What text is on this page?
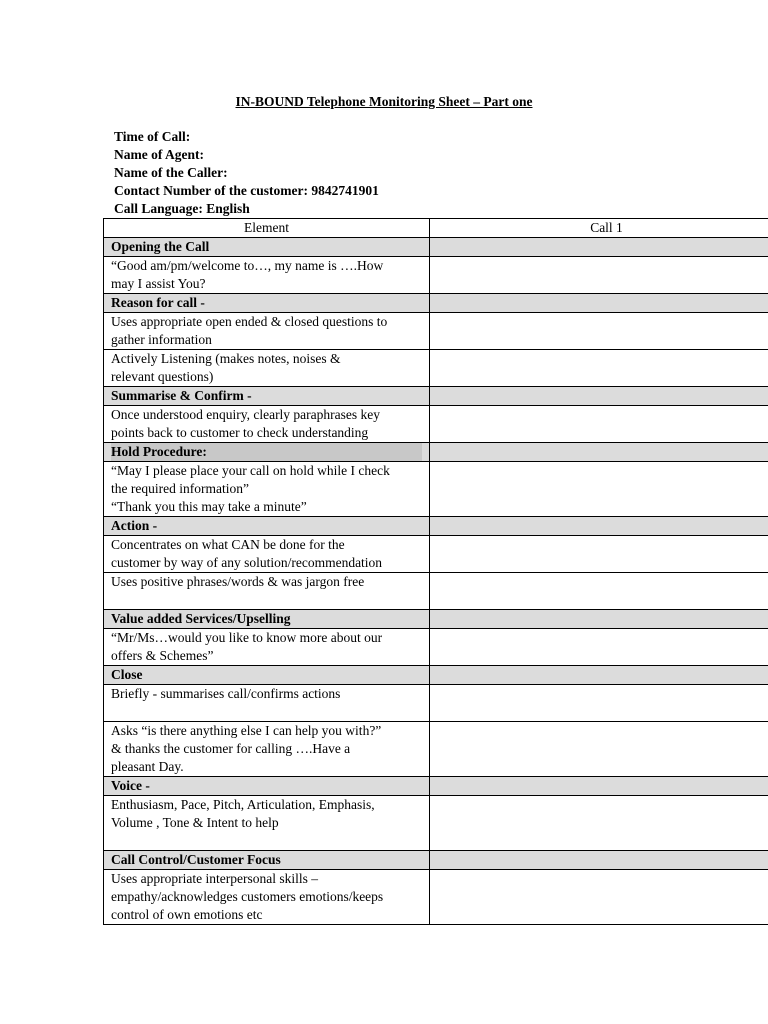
IN-BOUND Telephone Monitoring Sheet – Part one
Time of Call:
Name of Agent:
Name of the Caller:
Contact Number of the customer: 9842741901
Call Language: English
Element	Call 1

Opening the Call	

“Good am/pm/welcome to…, my name is ….How
may I assist You?	

Reason for call -	

Uses appropriate open ended & closed questions to
gather information	

Actively Listening (makes notes, noises &
relevant questions)	

Summarise & Confirm -	

Once understood enquiry, clearly paraphrases key
points back to customer to check understanding	

Hold Procedure:	

“May I please place your call on hold while I check
the required information”
“Thank you this may take a minute”	

Action -	

Concentrates on what CAN be done for the
customer by way of any solution/recommendation	

Uses positive phrases/words & was jargon free	

Value added Services/Upselling	

“Mr/Ms…would you like to know more about our
offers & Schemes”	

Close	

Briefly - summarises call/confirms actions	

Asks “is there anything else I can help you with?”
& thanks the customer for calling ….Have a
pleasant Day.	

Voice -	

Enthusiasm, Pace, Pitch, Articulation, Emphasis,
Volume , Tone & Intent to help	

Call Control/Customer Focus	

Uses appropriate interpersonal skills –
empathy/acknowledges customers emotions/keeps
control of own emotions etc	
